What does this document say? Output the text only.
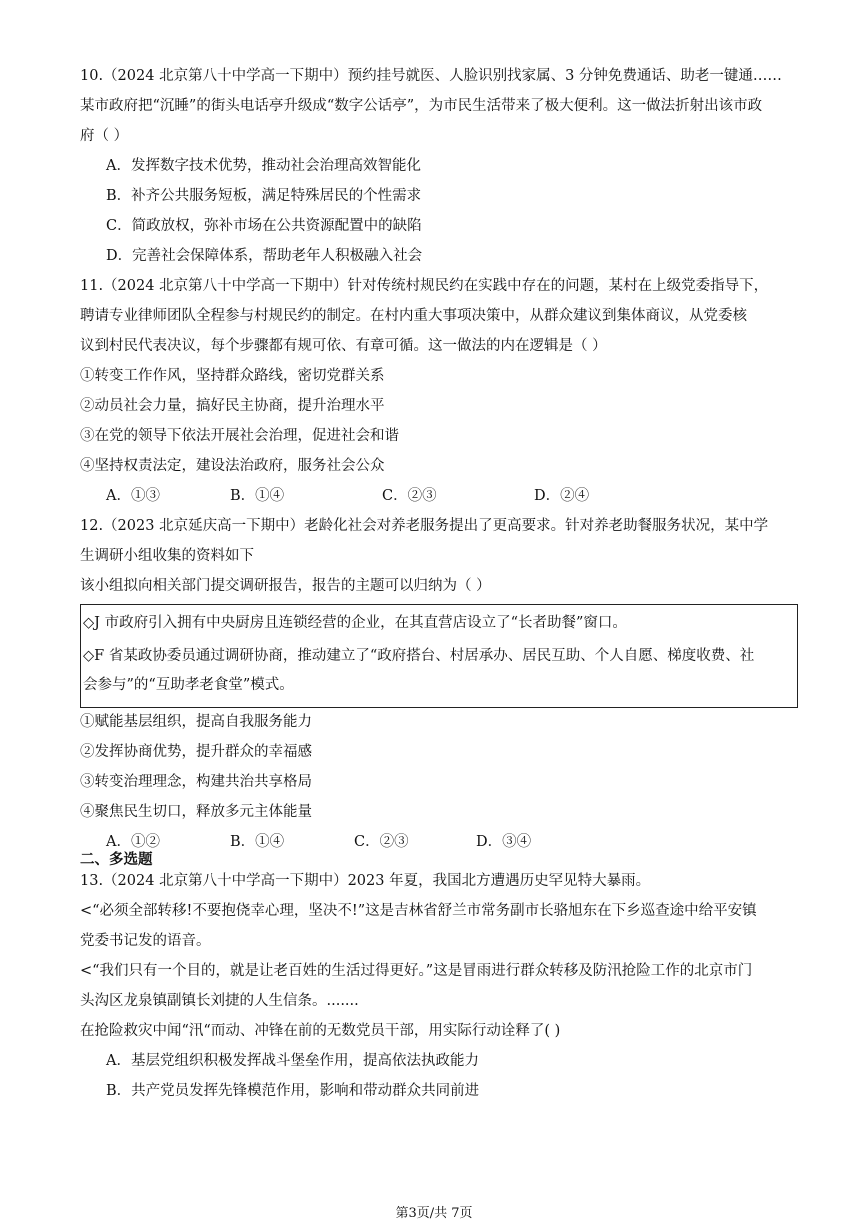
10.（2024 北京第八十中学高一下期中）预约挂号就医、人脸识别找家属、3 分钟免费通话、助老一键通……
某市政府把“沉睡”的街头电话亭升级成“数字公话亭”，为市民生活带来了极大便利。这一做法折射出该市政
府（ ）
A．发挥数字技术优势，推动社会治理高效智能化
B．补齐公共服务短板，满足特殊居民的个性需求
C．简政放权，弥补市场在公共资源配置中的缺陷
D．完善社会保障体系，帮助老年人积极融入社会
11.（2024 北京第八十中学高一下期中）针对传统村规民约在实践中存在的问题，某村在上级党委指导下，
聘请专业律师团队全程参与村规民约的制定。在村内重大事项决策中，从群众建议到集体商议，从党委核
议到村民代表决议，每个步骤都有规可依、有章可循。这一做法的内在逻辑是（ ）
①转变工作作风，坚持群众路线，密切党群关系
②动员社会力量，搞好民主协商，提升治理水平
③在党的领导下依法开展社会治理，促进社会和谐
④坚持权责法定，建设法治政府，服务社会公众
A．①③	B．①④	C．②③	D．②④
12.（2023 北京延庆高一下期中）老龄化社会对养老服务提出了更高要求。针对养老助餐服务状况，某中学
生调研小组收集的资料如下
该小组拟向相关部门提交调研报告，报告的主题可以归纳为（ ）
◇J 市政府引入拥有中央厨房且连锁经营的企业，在其直营店设立了“长者助餐”窗口。
◇F 省某政协委员通过调研协商，推动建立了“政府搭台、村居承办、居民互助、个人自愿、梯度收费、社
会参与”的“互助孝老食堂”模式。
①赋能基层组织，提高自我服务能力
②发挥协商优势，提升群众的幸福感
③转变治理理念，构建共治共享格局
④聚焦民生切口，释放多元主体能量
A．①②	B．①④	C．②③	D．③④
二、多选题
13.（2024 北京第八十中学高一下期中）2023 年夏，我国北方遭遇历史罕见特大暴雨。
<“必须全部转移!不要抱侥幸心理，坚决不!”这是吉林省舒兰市常务副市长骆旭东在下乡巡查途中给平安镇
党委书记发的语音。
<“我们只有一个目的，就是让老百姓的生活过得更好。”这是冒雨进行群众转移及防汛抢险工作的北京市门
头沟区龙泉镇副镇长刘捷的人生信条。.......
在抢险救灾中闻“汛“而动、冲锋在前的无数党员干部，用实际行动诠释了( )
A．基层党组织积极发挥战斗堡垒作用，提高依法执政能力
B．共产党员发挥先锋模范作用，影响和带动群众共同前进
第3页/共 7页
